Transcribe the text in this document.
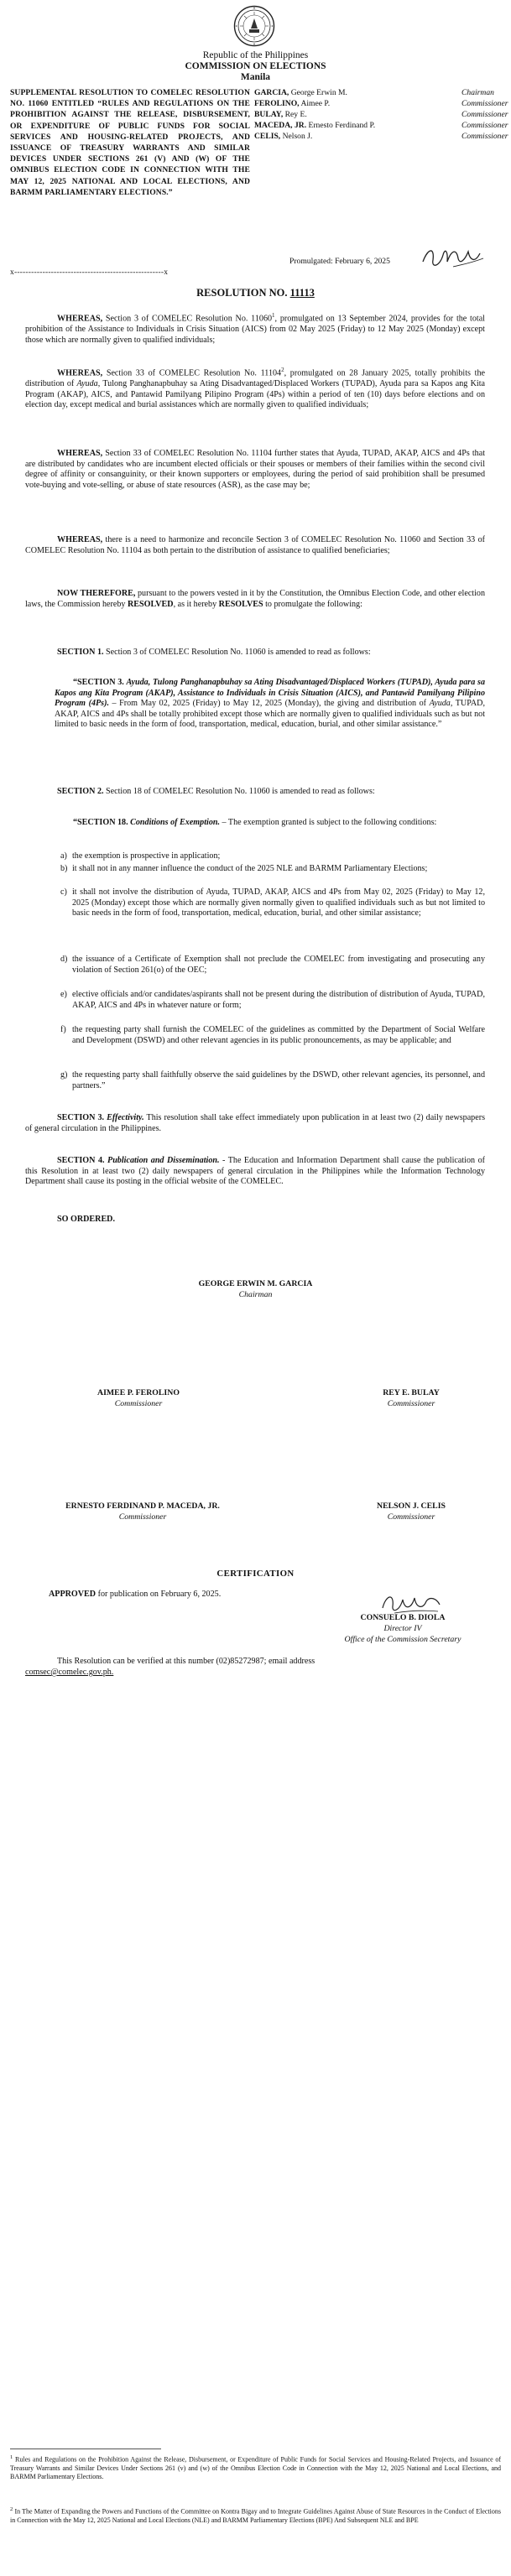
Republic of the Philippines
COMMISSION ON ELECTIONS
Manila
SUPPLEMENTAL RESOLUTION TO COMELEC RESOLUTION NO. 11060 ENTITLED “RULES AND REGULATIONS ON THE PROHIBITION AGAINST THE RELEASE, DISBURSEMENT, OR EXPENDITURE OF PUBLIC FUNDS FOR SOCIAL SERVICES AND HOUSING-RELATED PROJECTS, AND ISSUANCE OF TREASURY WARRANTS AND SIMILAR DEVICES UNDER SECTIONS 261 (V) AND (W) OF THE OMNIBUS ELECTION CODE IN CONNECTION WITH THE MAY 12, 2025 NATIONAL AND LOCAL ELECTIONS, AND BARMM PARLIAMENTARY ELECTIONS.”
x-----------------------------------------------------x
GARCIA, George Erwin M.	Chairman
FEROLINO, Aimee P.	Commissioner
BULAY, Rey E.	Commissioner
MACEDA, JR. Ernesto Ferdinand P.	Commissioner
CELIS, Nelson J.	Commissioner
Promulgated: February 6, 2025
RESOLUTION NO. 11113
WHEREAS, Section 3 of COMELEC Resolution No. 11060$^1$, promulgated on 13 September 2024, provides for the total prohibition of the Assistance to Individuals in Crisis Situation (AICS) from 02 May 2025 (Friday) to 12 May 2025 (Monday) except those which are normally given to qualified individuals;
WHEREAS, Section 33 of COMELEC Resolution No. 11104$^2$, promulgated on 28 January 2025, totally prohibits the distribution of Ayuda, Tulong Panghanapbuhay sa Ating Disadvantaged/Displaced Workers (TUPAD), Ayuda para sa Kapos ang Kita Program (AKAP), AICS, and Pantawid Pamilyang Pilipino Program (4Ps) within a period of ten (10) days before elections and on election day, except medical and burial assistances which are normally given to qualified individuals;
WHEREAS, Section 33 of COMELEC Resolution No. 11104 further states that Ayuda, TUPAD, AKAP, AICS and 4Ps that are distributed by candidates who are incumbent elected officials or their spouses or members of their families within the second civil degree of affinity or consanguinity, or their known supporters or employees, during the period of said prohibition shall be presumed vote-buying and vote-selling, or abuse of state resources (ASR), as the case may be;
WHEREAS, there is a need to harmonize and reconcile Section 3 of COMELEC Resolution No. 11060 and Section 33 of COMELEC Resolution No. 11104 as both pertain to the distribution of assistance to qualified beneficiaries;
NOW THEREFORE, pursuant to the powers vested in it by the Constitution, the Omnibus Election Code, and other election laws, the Commission hereby RESOLVED, as it hereby RESOLVES to promulgate the following:
SECTION 1. Section 3 of COMELEC Resolution No. 11060 is amended to read as follows:
“SECTION 3. Ayuda, Tulong Panghanapbuhay sa Ating Disadvantaged/Displaced Workers (TUPAD), Ayuda para sa Kapos ang Kita Program (AKAP), Assistance to Individuals in Crisis Situation (AICS), and Pantawid Pamilyang Pilipino Program (4Ps). – From May 02, 2025 (Friday) to May 12, 2025 (Monday), the giving and distribution of Ayuda, TUPAD, AKAP, AICS and 4Ps shall be totally prohibited except those which are normally given to qualified individuals such as but not limited to basic needs in the form of food, transportation, medical, education, burial, and other similar assistance.”
SECTION 2. Section 18 of COMELEC Resolution No. 11060 is amended to read as follows:
“SECTION 18. Conditions of Exemption. – The exemption granted is subject to the following conditions:
a) the exemption is prospective in application;
b) it shall not in any manner influence the conduct of the 2025 NLE and BARMM Parliamentary Elections;
c) it shall not involve the distribution of Ayuda, TUPAD, AKAP, AICS and 4Ps from May 02, 2025 (Friday) to May 12, 2025 (Monday) except those which are normally given normally given to qualified individuals such as but not limited to basic needs in the form of food, transportation, medical, education, burial, and other similar assistance;
d) the issuance of a Certificate of Exemption shall not preclude the COMELEC from investigating and prosecuting any violation of Section 261(o) of the OEC;
e) elective officials and/or candidates/aspirants shall not be present during the distribution of distribution of Ayuda, TUPAD, AKAP, AICS and 4Ps in whatever nature or form;
f) the requesting party shall furnish the COMELEC of the guidelines as committed by the Department of Social Welfare and Development (DSWD) and other relevant agencies in its public pronouncements, as may be applicable; and
g) the requesting party shall faithfully observe the said guidelines by the DSWD, other relevant agencies, its personnel, and partners.”
SECTION 3. Effectivity. This resolution shall take effect immediately upon publication in at least two (2) daily newspapers of general circulation in the Philippines.
SECTION 4. Publication and Dissemination. - The Education and Information Department shall cause the publication of this Resolution in at least two (2) daily newspapers of general circulation in the Philippines while the Information Technology Department shall cause its posting in the official website of the COMELEC.
SO ORDERED.
GEORGE ERWIN M. GARCIA
Chairman
AIMEE P. FEROLINO
Commissioner
REY E. BULAY
Commissioner
ERNESTO FERDINAND P. MACEDA, JR.
Commissioner
NELSON J. CELIS
Commissioner
CERTIFICATION
APPROVED for publication on February 6, 2025.
CONSUELO B. DIOLA
Director IV
Office of the Commission Secretary
This Resolution can be verified at this number (02)85272987; email address
comsec@comelec.gov.ph.
$^1$ Rules and Regulations on the Prohibition Against the Release, Disbursement, or Expenditure of Public Funds for Social Services and Housing-Related Projects, and Issuance of Treasury Warrants and Similar Devices Under Sections 261 (v) and (w) of the Omnibus Election Code in Connection with the May 12, 2025 National and Local Elections, and BARMM Parliamentary Elections.
$^2$ In The Matter of Expanding the Powers and Functions of the Committee on Kontra Bigay and to Integrate Guidelines Against Abuse of State Resources in the Conduct of Elections in Connection with the May 12, 2025 National and Local Elections (NLE) and BARMM Parliamentary Elections (BPE) And Subsequent NLE and BPE
